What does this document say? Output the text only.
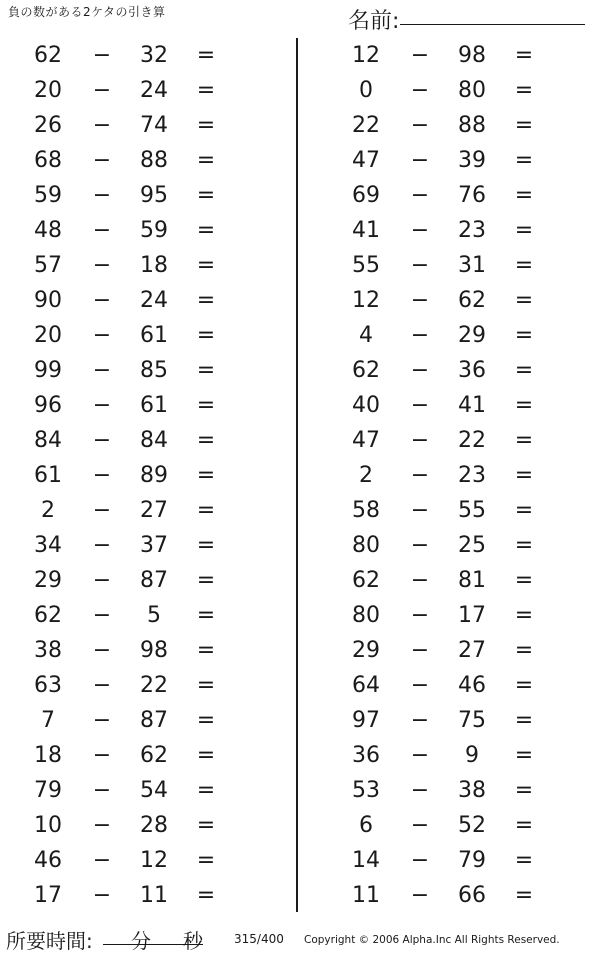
負の数がある2ケタの引き算	名前:
62 − 32 =
20 − 24 =
26 − 74 =
68 − 88 =
59 − 95 =
48 − 59 =
57 − 18 =
90 − 24 =
20 − 61 =
99 − 85 =
96 − 61 =
84 − 84 =
61 − 89 =
2	− 27 =
34 − 37 =
29 − 87 =
62 −	5	=
38 − 98 =
63 − 22 =
7	− 87 =
18 − 62 =
79 − 54 =
10 − 28 =
46 − 12 =
17 − 11 =
12 − 98 =
0	− 80 =
22 − 88 =
47 − 39 =
69 − 76 =
41 − 23 =
55 − 31 =
12 − 62 =
4	− 29 =
62 − 36 =
40 − 41 =
47 − 22 =
2	− 23 =
58 − 55 =
80 − 25 =
62 − 81 =
80 − 17 =
29 − 27 =
64 − 46 =
97 − 75 =
36 −	9	=
53 − 38 =
6	− 52 =
14 − 79 =
11 − 66 =
所要時間: 分 秒	315/400 Copyright © 2006 Alpha.Inc All Rights Reserved.
